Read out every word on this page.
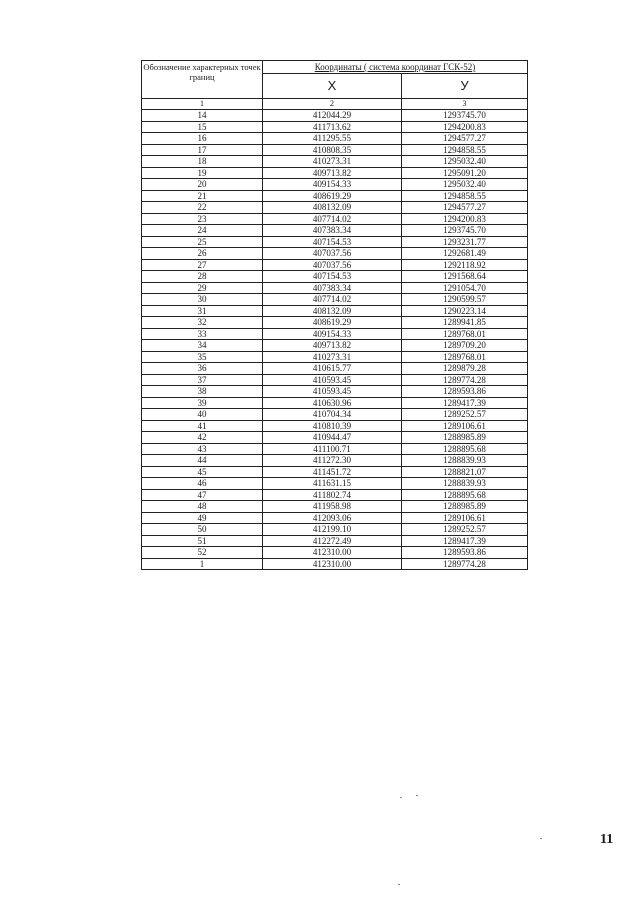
Обозначение характерных точек границ	Координаты ( система координат ГСК-52)	
	X	У
1	2	3
14	412044.29	1293745.70
15	411713.62	1294200.83
16	411295.55	1294577.27
17	410808.35	1294858.55
18	410273.31	1295032.40
19	409713.82	1295091.20
20	409154.33	1295032.40
21	408619.29	1294858.55
22	408132.09	1294577.27
23	407714.02	1294200.83
24	407383.34	1293745.70
25	407154.53	1293231.77
26	407037.56	1292681.49
27	407037.56	1292118.92
28	407154.53	1291568.64
29	407383.34	1291054.70
30	407714.02	1290599.57
31	408132.09	1290223.14
32	408619.29	1289941.85
33	409154.33	1289768.01
34	409713.82	1289709.20
35	410273.31	1289768.01
36	410615.77	1289879.28
37	410593.45	1289774.28
38	410593.45	1289593.86
39	410630.96	1289417.39
40	410704.34	1289252.57
41	410810.39	1289106.61
42	410944.47	1288985.89
43	411100.71	1288895.68
44	411272.30	1288839.93
45	411451.72	1288821.07
46	411631.15	1288839.93
47	411802.74	1288895.68
48	411958.98	1288985.89
49	412093.06	1289106.61
50	412199.10	1289252.57
51	412272.49	1289417.39
52	412310.00	1289593.86
1	412310.00	1289774.28
11
